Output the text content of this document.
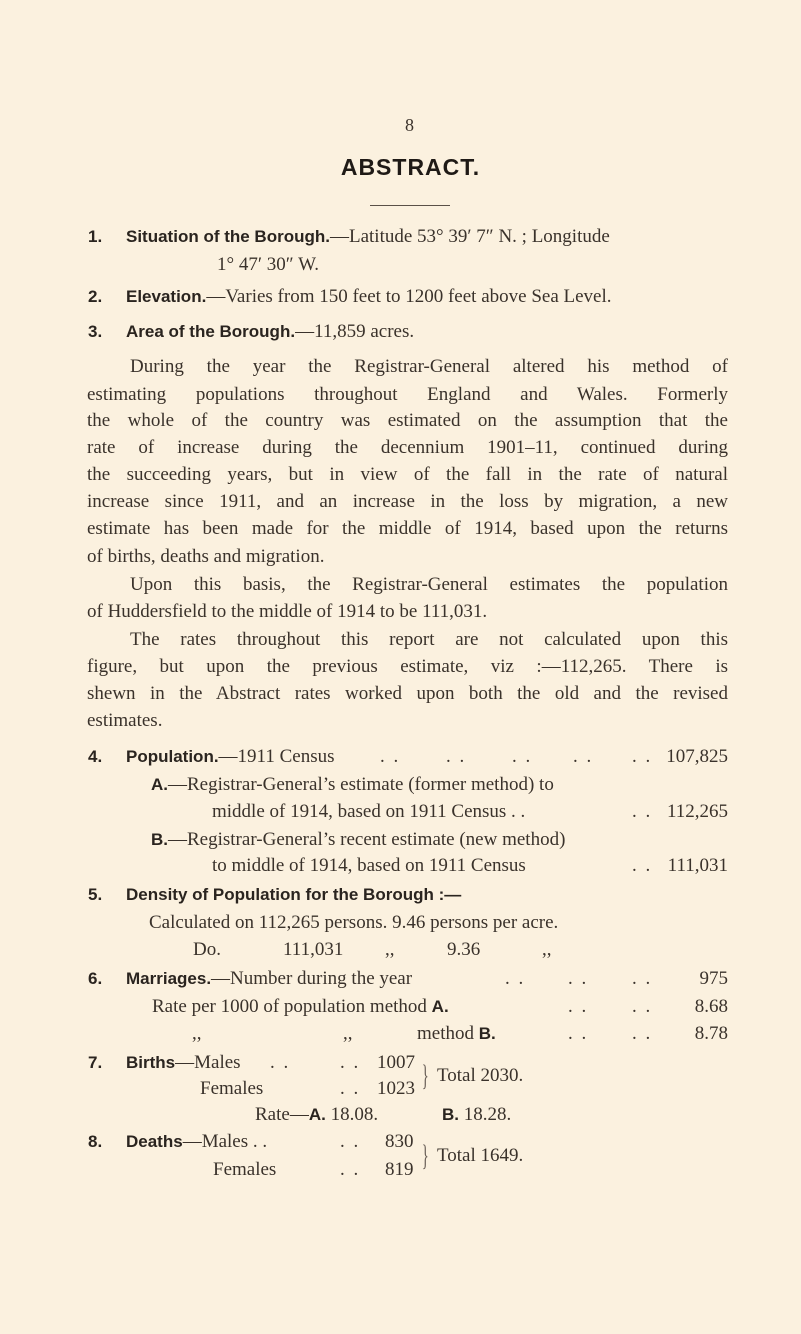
8
ABSTRACT.
1. Situation of the Borough.—Latitude 53° 39′ 7″ N. ; Longitude
1° 47′ 30″ W.
2. Elevation.—Varies from 150 feet to 1200 feet above Sea Level.
3. Area of the Borough.—11,859 acres.
During the year the Registrar-General altered his method of
estimating populations throughout England and Wales. Formerly
the whole of the country was estimated on the assumption that the
rate of increase during the decennium 1901–11, continued during
the succeeding years, but in view of the fall in the rate of natural
increase since 1911, and an increase in the loss by migration, a new
estimate has been made for the middle of 1914, based upon the returns
of births, deaths and migration.
Upon this basis, the Registrar-General estimates the population
of Huddersfield to the middle of 1914 to be 111,031.
The rates throughout this report are not calculated upon this
figure, but upon the previous estimate, viz :—112,265. There is
shewn in the Abstract rates worked upon both the old and the revised
estimates.
4. Population.—1911 Census . . . . . . . . . . 107,825
A.—Registrar-General’s estimate (former method) to
middle of 1914, based on 1911 Census . .	. . 112,265
B.—Registrar-General’s recent estimate (new method)
to middle of 1914, based on 1911 Census	. . 111,031
5. Density of Population for the Borough :—
Calculated on 112,265 persons. 9.46 persons per acre.
Do.	111,031 ,,	9.36	,,
6. Marriages.—Number during the year	. . . . . . 975
Rate per 1000 of population method A.	. . . . 8.68
,,	,,	method B.	. . . . 8.78
7. Births—Males . .	. . 1007
Females	. . 1023 } Total 2030.
Rate—A. 18.08.	B. 18.28.
8. Deaths—Males . .	. . 830
Females	. . 819 } Total 1649.
